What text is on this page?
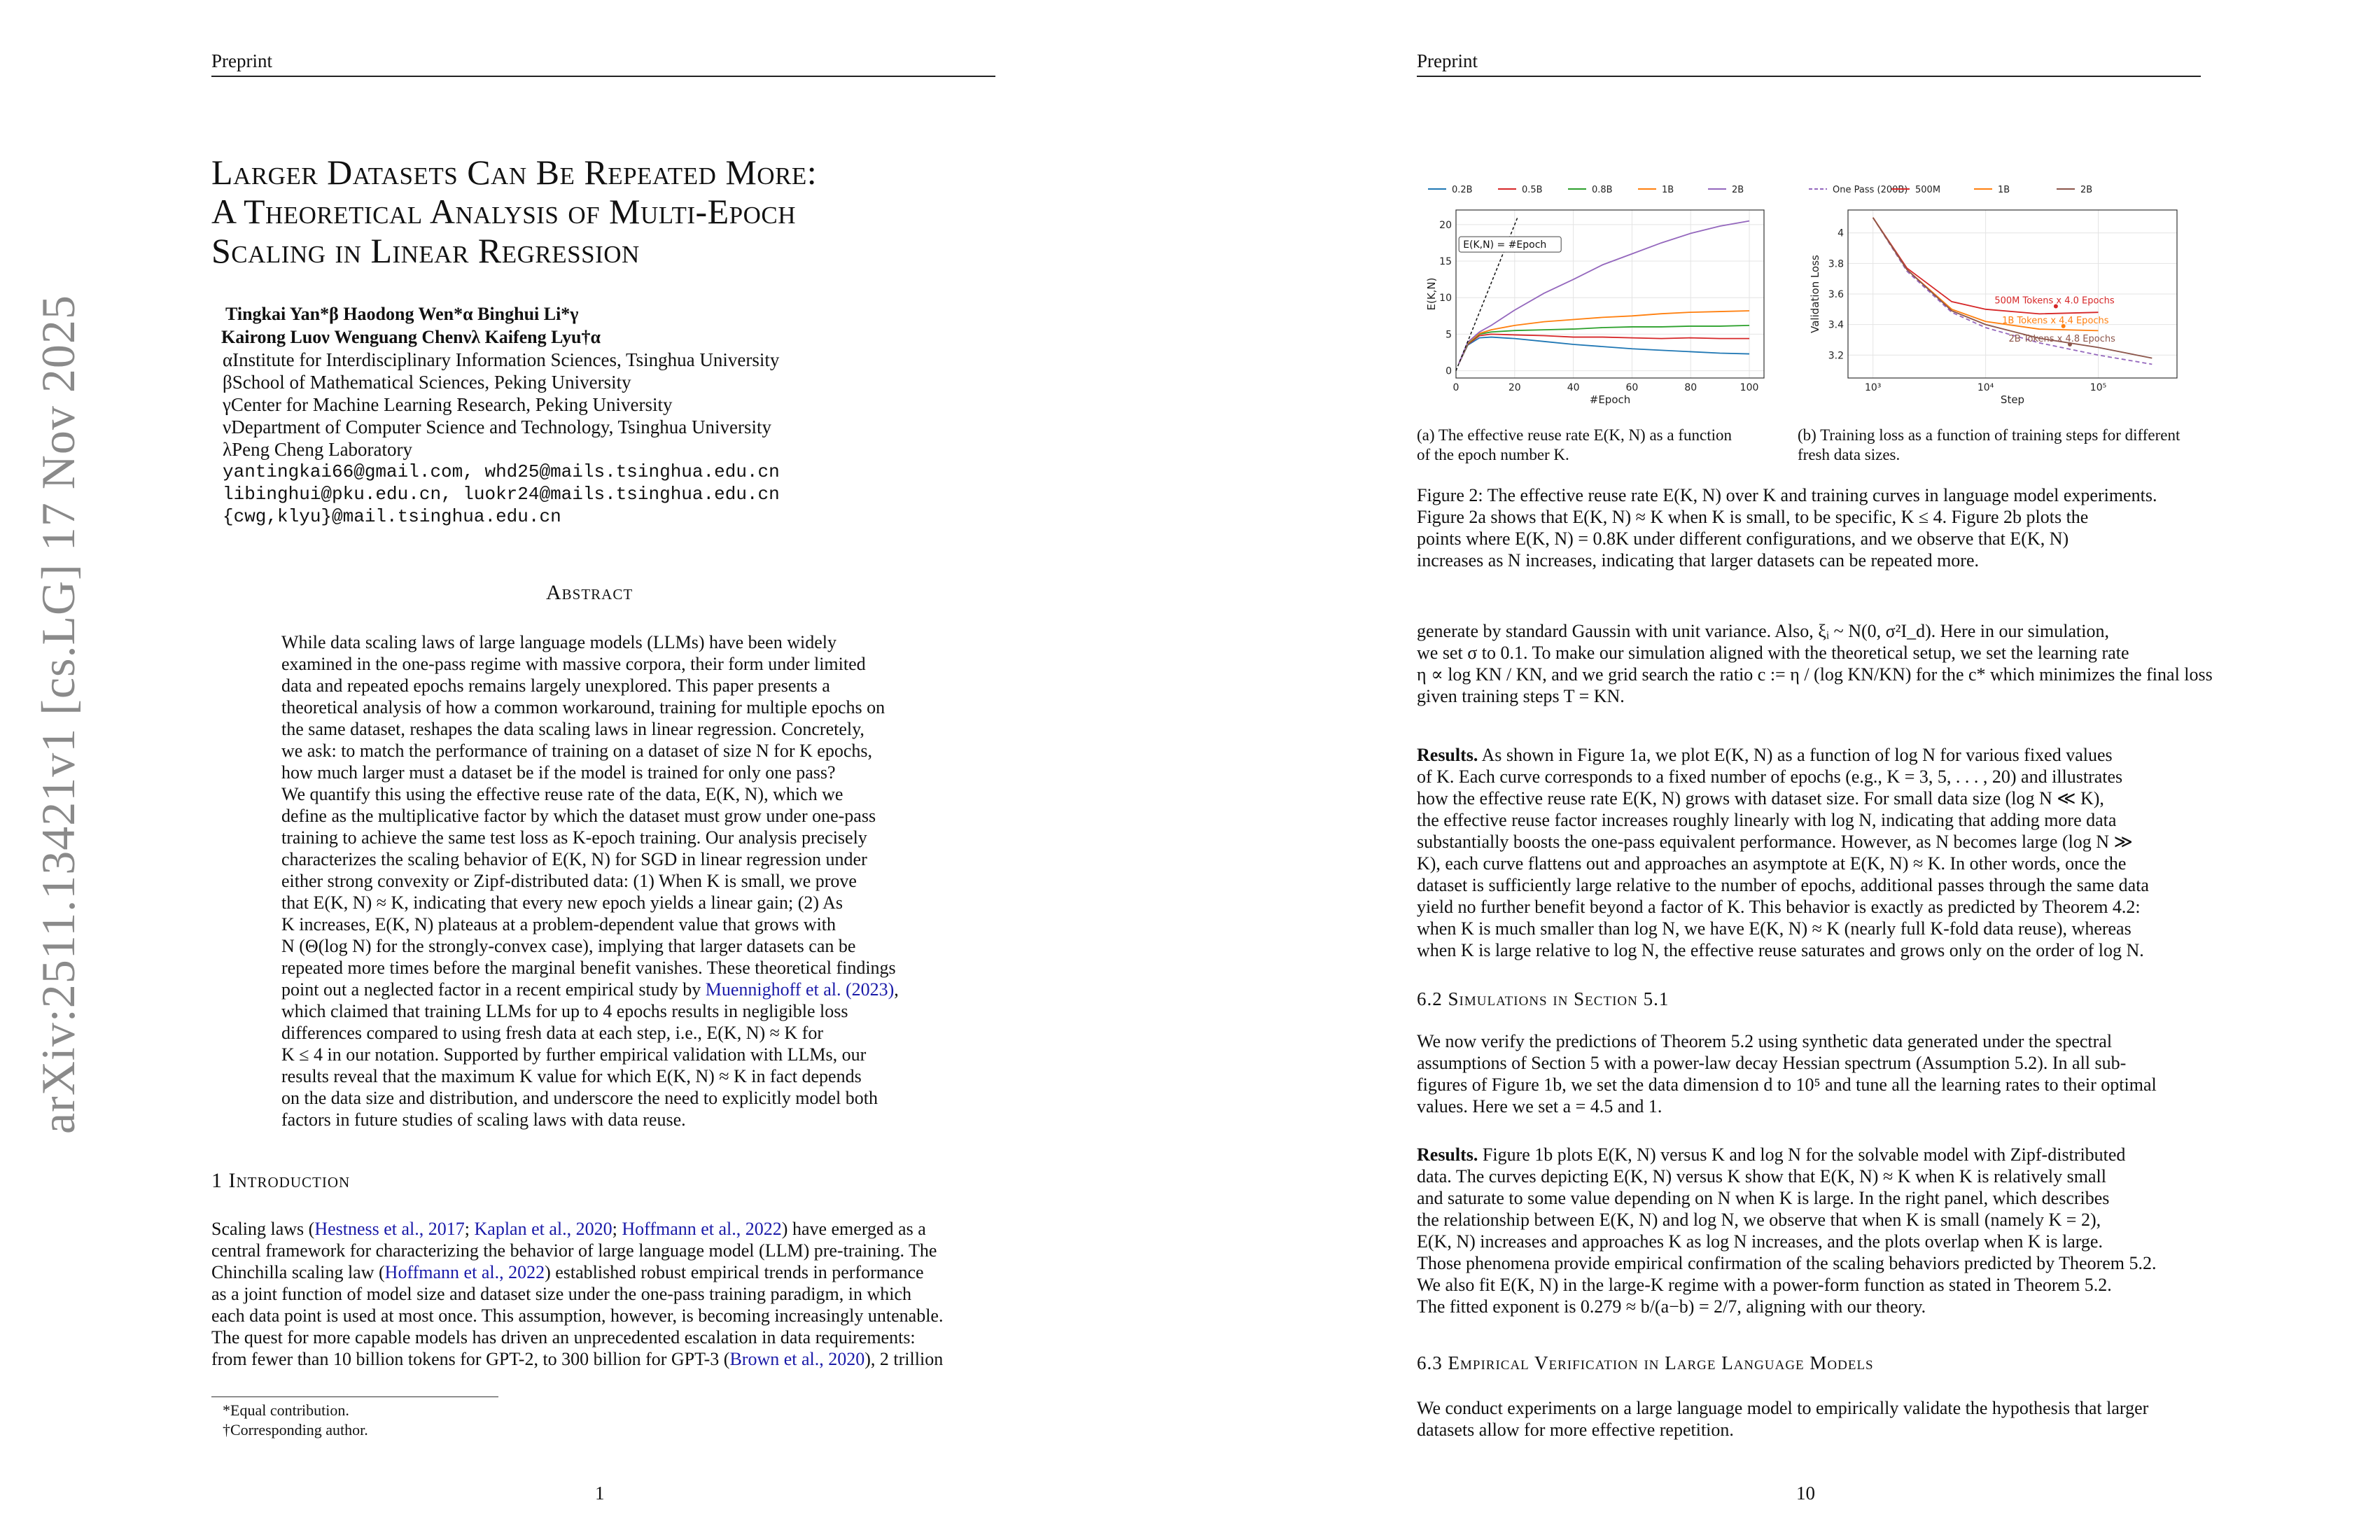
Preprint
arXiv:2511.13421v1 [cs.LG] 17 Nov 2025
Larger Datasets Can Be Repeated More:
A Theoretical Analysis of Multi-Epoch
Scaling in Linear Regression
Tingkai Yan*β Haodong Wen*α Binghui Li*γ
Kairong Luoν Wenguang Chenνλ Kaifeng Lyu†α
αInstitute for Interdisciplinary Information Sciences, Tsinghua University
βSchool of Mathematical Sciences, Peking University
γCenter for Machine Learning Research, Peking University
νDepartment of Computer Science and Technology, Tsinghua University
λPeng Cheng Laboratory
yantingkai66@gmail.com, whd25@mails.tsinghua.edu.cn
libinghui@pku.edu.cn, luokr24@mails.tsinghua.edu.cn
{cwg,klyu}@mail.tsinghua.edu.cn
Abstract
While data scaling laws of large language models (LLMs) have been widely
examined in the one-pass regime with massive corpora, their form under limited
data and repeated epochs remains largely unexplored. This paper presents a
theoretical analysis of how a common workaround, training for multiple epochs on
the same dataset, reshapes the data scaling laws in linear regression. Concretely,
we ask: to match the performance of training on a dataset of size N for K epochs,
how much larger must a dataset be if the model is trained for only one pass?
We quantify this using the effective reuse rate of the data, E(K, N), which we
define as the multiplicative factor by which the dataset must grow under one-pass
training to achieve the same test loss as K-epoch training. Our analysis precisely
characterizes the scaling behavior of E(K, N) for SGD in linear regression under
either strong convexity or Zipf-distributed data: (1) When K is small, we prove
that E(K, N) ≈ K, indicating that every new epoch yields a linear gain; (2) As
K increases, E(K, N) plateaus at a problem-dependent value that grows with
N (Θ(log N) for the strongly-convex case), implying that larger datasets can be
repeated more times before the marginal benefit vanishes. These theoretical findings
point out a neglected factor in a recent empirical study by Muennighoff et al. (2023),
which claimed that training LLMs for up to 4 epochs results in negligible loss
differences compared to using fresh data at each step, i.e., E(K, N) ≈ K for
K ≤ 4 in our notation. Supported by further empirical validation with LLMs, our
results reveal that the maximum K value for which E(K, N) ≈ K in fact depends
on the data size and distribution, and underscore the need to explicitly model both
factors in future studies of scaling laws with data reuse.
1 Introduction
Scaling laws (Hestness et al., 2017; Kaplan et al., 2020; Hoffmann et al., 2022) have emerged as a
central framework for characterizing the behavior of large language model (LLM) pre-training. The
Chinchilla scaling law (Hoffmann et al., 2022) established robust empirical trends in performance
as a joint function of model size and dataset size under the one-pass training paradigm, in which
each data point is used at most once. This assumption, however, is becoming increasingly untenable.
The quest for more capable models has driven an unprecedented escalation in data requirements:
from fewer than 10 billion tokens for GPT-2, to 300 billion for GPT-3 (Brown et al., 2020), 2 trillion
*Equal contribution.
†Corresponding author.
1
Preprint
0	20	40	60	80	100
0
5
10
15
20
#Epoch
E(K,N)
0.2B	0.5B	0.8B	1B	2B
E(K,N) = #Epoch
10³	10⁴	10⁵
3.2
3.4
3.6
3.8
4
Step
Validation Loss
One Pass (200B) 500M	1B	2B
500M Tokens x 4.0 Epochs
1B Tokens x 4.4 Epochs
2B Tokens x 4.8 Epochs
(a) The effective reuse rate E(K, N) as a function
of the epoch number K.
(b) Training loss as a function of training steps for different
fresh data sizes.
Figure 2: The effective reuse rate E(K, N) over K and training curves in language model experiments.
Figure 2a shows that E(K, N) ≈ K when K is small, to be specific, K ≤ 4. Figure 2b plots the
points where E(K, N) = 0.8K under different configurations, and we observe that E(K, N)
increases as N increases, indicating that larger datasets can be repeated more.
generate by standard Gaussin with unit variance. Also, ξᵢ ~ N(0, σ²I_d). Here in our simulation,
we set σ to 0.1. To make our simulation aligned with the theoretical setup, we set the learning rate
η ∝ log KN / KN, and we grid search the ratio c := η / (log KN/KN) for the c* which minimizes the final loss
given training steps T = KN.
Results. As shown in Figure 1a, we plot E(K, N) as a function of log N for various fixed values
of K. Each curve corresponds to a fixed number of epochs (e.g., K = 3, 5, . . . , 20) and illustrates
how the effective reuse rate E(K, N) grows with dataset size. For small data size (log N ≪ K),
the effective reuse factor increases roughly linearly with log N, indicating that adding more data
substantially boosts the one-pass equivalent performance. However, as N becomes large (log N ≫
K), each curve flattens out and approaches an asymptote at E(K, N) ≈ K. In other words, once the
dataset is sufficiently large relative to the number of epochs, additional passes through the same data
yield no further benefit beyond a factor of K. This behavior is exactly as predicted by Theorem 4.2:
when K is much smaller than log N, we have E(K, N) ≈ K (nearly full K-fold data reuse), whereas
when K is large relative to log N, the effective reuse saturates and grows only on the order of log N.
6.2 Simulations in Section 5.1
We now verify the predictions of Theorem 5.2 using synthetic data generated under the spectral
assumptions of Section 5 with a power-law decay Hessian spectrum (Assumption 5.2). In all sub-
figures of Figure 1b, we set the data dimension d to 10⁵ and tune all the learning rates to their optimal
values. Here we set a = 4.5 and 1.
Results. Figure 1b plots E(K, N) versus K and log N for the solvable model with Zipf-distributed
data. The curves depicting E(K, N) versus K show that E(K, N) ≈ K when K is relatively small
and saturate to some value depending on N when K is large. In the right panel, which describes
the relationship between E(K, N) and log N, we observe that when K is small (namely K = 2),
E(K, N) increases and approaches K as log N increases, and the plots overlap when K is large.
Those phenomena provide empirical confirmation of the scaling behaviors predicted by Theorem 5.2.
We also fit E(K, N) in the large-K regime with a power-form function as stated in Theorem 5.2.
The fitted exponent is 0.279 ≈ b/(a−b) = 2/7, aligning with our theory.
6.3 Empirical Verification in Large Language Models
We conduct experiments on a large language model to empirically validate the hypothesis that larger
datasets allow for more effective repetition.
10
